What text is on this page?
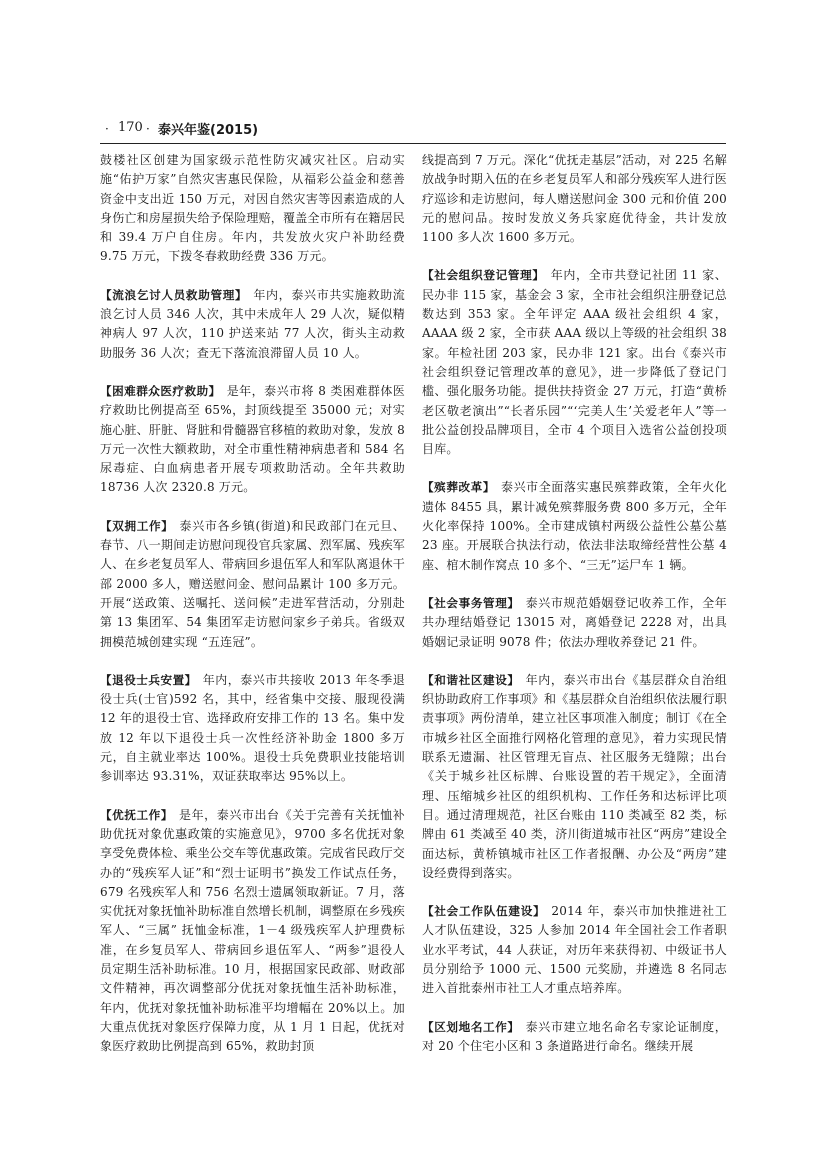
· 170 · 泰兴年鉴(2015)

鼓楼社区创建为国家级示范性防灾减灾社区。启动实施“佑护万家”自然灾害惠民保险，从福彩公益金和慈善资金中支出近 150 万元，对因自然灾害等因素造成的人身伤亡和房屋损失给予保险理赔，覆盖全市所有在籍居民和 39.4 万户自住房。年内，共发放火灾户补助经费 9.75 万元，下拨冬春救助经费 336 万元。

【流浪乞讨人员救助管理】 年内，泰兴市共实施救助流浪乞讨人员 346 人次，其中未成年人 29 人次，疑似精神病人 97 人次，110 护送来站 77 人次，街头主动救助服务 36 人次；查无下落流浪滞留人员 10 人。

【困难群众医疗救助】 是年，泰兴市将 8 类困难群体医疗救助比例提高至 65%，封顶线提至 35000 元；对实施心脏、肝脏、肾脏和骨髓器官移植的救助对象，发放 8 万元一次性大额救助，对全市重性精神病患者和 584 名尿毒症、白血病患者开展专项救助活动。全年共救助 18736 人次 2320.8 万元。

【双拥工作】 泰兴市各乡镇(街道)和民政部门在元旦、春节、八一期间走访慰问现役官兵家属、烈军属、残疾军人、在乡老复员军人、带病回乡退伍军人和军队离退休干部 2000 多人，赠送慰问金、慰问品累计 100 多万元。开展“送政策、送嘱托、送问候”走进军营活动，分别赴第 13 集团军、54 集团军走访慰问家乡子弟兵。省级双拥模范城创建实现 “五连冠”。

【退役士兵安置】 年内，泰兴市共接收 2013 年冬季退役士兵(士官)592 名，其中，经省集中交接、服现役满 12 年的退役士官、选择政府安排工作的 13 名。集中发放 12 年以下退役士兵一次性经济补助金 1800 多万元，自主就业率达 100%。退役士兵免费职业技能培训参训率达 93.31%，双证获取率达 95%以上。

【优抚工作】 是年，泰兴市出台《关于完善有关抚恤补助优抚对象优惠政策的实施意见》，9700 多名优抚对象享受免费体检、乘坐公交车等优惠政策。完成省民政厅交办的“残疾军人证”和“烈士证明书”换发工作试点任务，679 名残疾军人和 756 名烈士遗属领取新证。7 月，落实优抚对象抚恤补助标准自然增长机制，调整原在乡残疾军人、“三属” 抚恤金标准，1－4 级残疾军人护理费标准，在乡复员军人、带病回乡退伍军人、“两参”退役人员定期生活补助标准。10 月，根据国家民政部、财政部文件精神，再次调整部分优抚对象抚恤生活补助标准， 年内，优抚对象抚恤补助标准平均增幅在 20%以上。加大重点优抚对象医疗保障力度，从 1 月 1 日起，优抚对象医疗救助比例提高到 65%，救助封顶

线提高到 7 万元。深化“优抚走基层”活动，对 225 名解放战争时期入伍的在乡老复员军人和部分残疾军人进行医疗巡诊和走访慰问，每人赠送慰问金 300 元和价值 200 元的慰问品。按时发放义务兵家庭优待金，共计发放 1100 多人次 1600 多万元。

【社会组织登记管理】 年内，全市共登记社团 11 家、民办非 115 家，基金会 3 家，全市社会组织注册登记总数达到 353 家。全年评定 AAA 级社会组织 4 家，AAAA 级 2 家，全市获 AAA 级以上等级的社会组织 38 家。年检社团 203 家，民办非 121 家。出台《泰兴市社会组织登记管理改革的意见》，进一步降低了登记门槛、强化服务功能。提供扶持资金 27 万元，打造“黄桥老区敬老演出”“长者乐园”“‘完美人生’关爱老年人”等一批公益创投品牌项目，全市 4 个项目入选省公益创投项目库。

【殡葬改革】 泰兴市全面落实惠民殡葬政策，全年火化遗体 8455 具，累计减免殡葬服务费 800 多万元，全年火化率保持 100%。全市建成镇村两级公益性公墓公墓 23 座。开展联合执法行动，依法非法取缔经营性公墓 4 座、棺木制作窝点 10 多个、“三无”运尸车 1 辆。

【社会事务管理】 泰兴市规范婚姻登记收养工作，全年共办理结婚登记 13015 对，离婚登记 2228 对，出具婚姻记录证明 9078 件；依法办理收养登记 21 件。

【和谐社区建设】 年内，泰兴市出台《基层群众自治组织协助政府工作事项》和《基层群众自治组织依法履行职责事项》两份清单，建立社区事项准入制度；制订《在全市城乡社区全面推行网格化管理的意见》，着力实现民情联系无遗漏、社区管理无盲点、社区服务无缝隙；出台《关于城乡社区标牌、台账设置的若干规定》，全面清理、压缩城乡社区的组织机构、工作任务和达标评比项目。通过清理规范，社区台账由 110 类减至 82 类，标牌由 61 类减至 40 类，济川街道城市社区“两房”建设全面达标，黄桥镇城市社区工作者报酬、办公及“两房”建设经费得到落实。

【社会工作队伍建设】 2014 年，泰兴市加快推进社工人才队伍建设，325 人参加 2014 年全国社会工作者职业水平考试，44 人获证，对历年来获得初、中级证书人员分别给予 1000 元、1500 元奖励，并遴选 8 名同志进入首批泰州市社工人才重点培养库。

【区划地名工作】 泰兴市建立地名命名专家论证制度，对 20 个住宅小区和 3 条道路进行命名。继续开展
